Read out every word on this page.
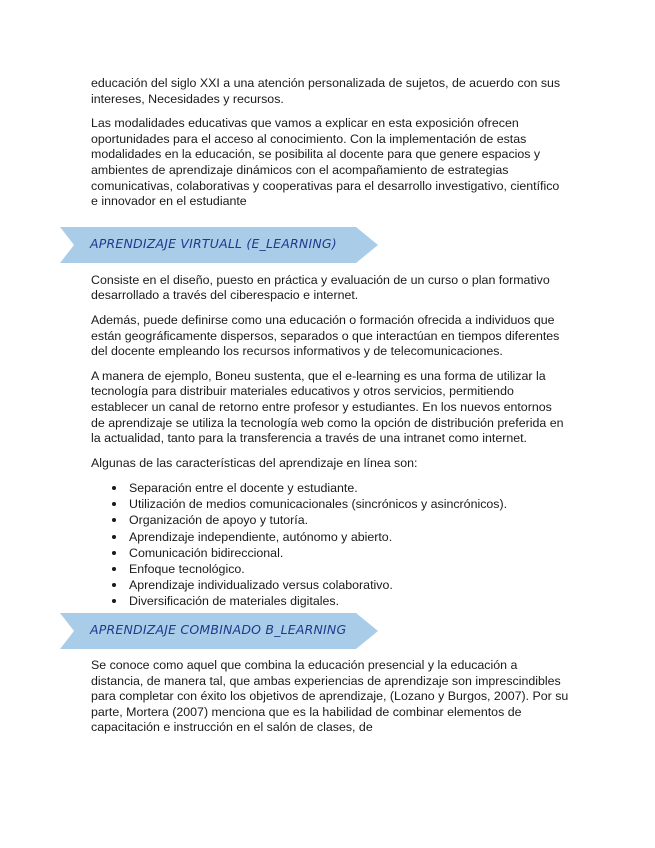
educación del siglo XXI a una atención personalizada de sujetos, de acuerdo con sus intereses, Necesidades y recursos.

Las modalidades educativas que vamos a explicar en esta exposición ofrecen oportunidades para el acceso al conocimiento. Con la implementación de estas modalidades en la educación, se posibilita al docente para que genere espacios y ambientes de aprendizaje dinámicos con el acompañamiento de estrategias comunicativas, colaborativas y cooperativas para el desarrollo investigativo, científico e innovador en el estudiante

APRENDIZAJE VIRTUALL (E_LEARNING)

Consiste en el diseño, puesto en práctica y evaluación de un curso o plan formativo desarrollado a través del ciberespacio e internet.

Además, puede definirse como una educación o formación ofrecida a individuos que están geográficamente dispersos, separados o que interactúan en tiempos diferentes del docente empleando los recursos informativos y de telecomunicaciones.

A manera de ejemplo, Boneu sustenta, que el e-learning es una forma de utilizar la tecnología para distribuir materiales educativos y otros servicios, permitiendo establecer un canal de retorno entre profesor y estudiantes. En los nuevos entornos de aprendizaje se utiliza la tecnología web como la opción de distribución preferida en la actualidad, tanto para la transferencia a través de una intranet como internet.

Algunas de las características del aprendizaje en línea son:

Separación entre el docente y estudiante.
Utilización de medios comunicacionales (sincrónicos y asincrónicos).
Organización de apoyo y tutoría.
Aprendizaje independiente, autónomo y abierto.
Comunicación bidireccional.
Enfoque tecnológico.
Aprendizaje individualizado versus colaborativo.
Diversificación de materiales digitales.
APRENDIZAJE COMBINADO B_LEARNING

Se conoce como aquel que combina la educación presencial y la educación a distancia, de manera tal, que ambas experiencias de aprendizaje son imprescindibles para completar con éxito los objetivos de aprendizaje, (Lozano y Burgos, 2007). Por su parte, Mortera (2007) menciona que es la habilidad de combinar elementos de capacitación e instrucción en el salón de clases, de
